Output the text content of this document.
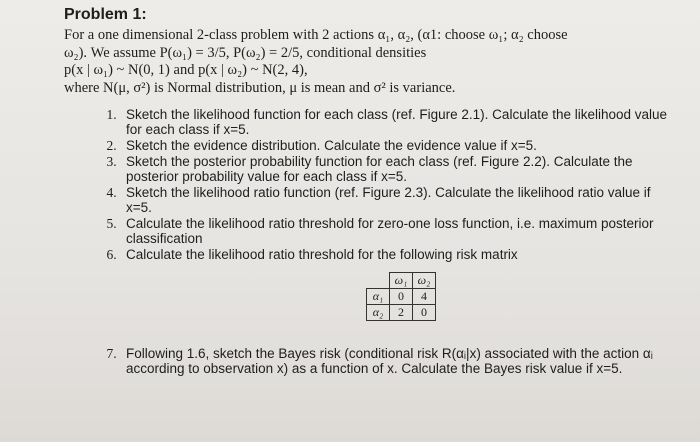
Problem 1:
For a one dimensional 2-class problem with 2 actions α₁, α₂, (α1: choose ω₁; α₂ choose
ω₂). We assume P(ω₁) = 3/5, P(ω₂) = 2/5, conditional densities
p(x | ω₁) ~ N(0, 1) and p(x | ω₂) ~ N(2, 4),
where N(μ, σ²) is Normal distribution, μ is mean and σ² is variance.
1. Sketch the likelihood function for each class (ref. Figure 2.1). Calculate the likelihood value for each class if x=5.
2. Sketch the evidence distribution. Calculate the evidence value if x=5.
3. Sketch the posterior probability function for each class (ref. Figure 2.2). Calculate the posterior probability value for each class if x=5.
4. Sketch the likelihood ratio function (ref. Figure 2.3). Calculate the likelihood ratio value if x=5.
5. Calculate the likelihood ratio threshold for zero-one loss function, i.e. maximum posterior classification
6. Calculate the likelihood ratio threshold for the following risk matrix
	ω₁	ω₂
α₁	0	4
α₂	2	0
7. Following 1.6, sketch the Bayes risk (conditional risk R(αᵢ|x) associated with the action αᵢ according to observation x) as a function of x. Calculate the Bayes risk value if x=5.
